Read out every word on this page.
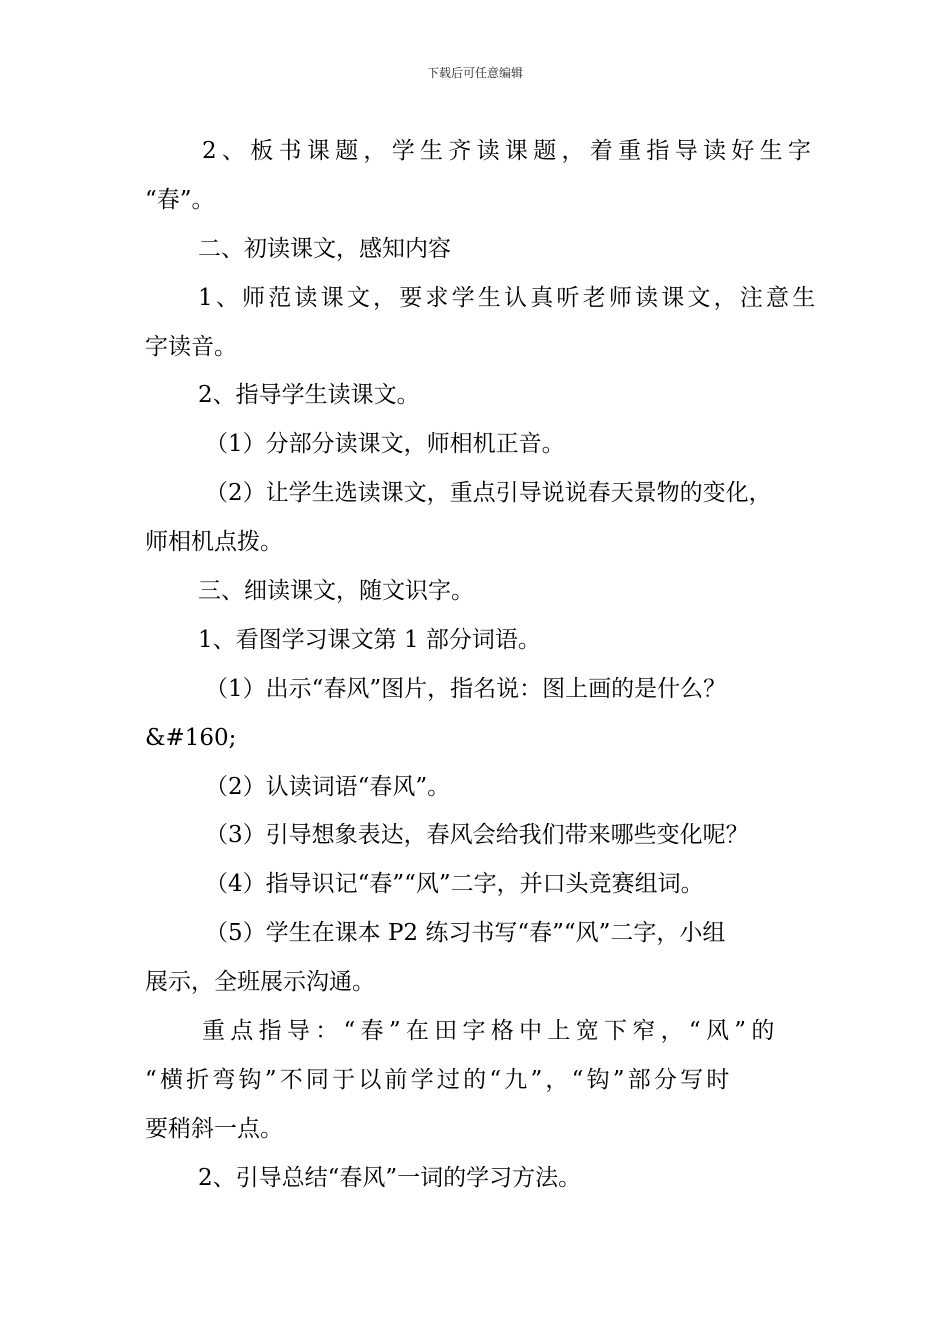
下载后可任意编辑
2、板书课题，学生齐读课题，着重指导读好生字
“春”。
二、初读课文，感知内容
1、师范读课文，要求学生认真听老师读课文，注意生
字读音。
2、指导学生读课文。
（1）分部分读课文，师相机正音。
（2）让学生选读课文，重点引导说说春天景物的变化，
师相机点拨。
三、细读课文，随文识字。
1、看图学习课文第 1 部分词语。
（1）出示“春风”图片，指名说：图上画的是什么？
&#160;
（2）认读词语“春风”。
（3）引导想象表达，春风会给我们带来哪些变化呢？
（4）指导识记“春”“风”二字，并口头竞赛组词。
（5）学生在课本 P2 练习书写“春”“风”二字，小组
展示，全班展示沟通。
重点指导：“春”在田字格中上宽下窄，“风”的
“横折弯钩”不同于以前学过的“九”，“钩”部分写时
要稍斜一点。
2、引导总结“春风”一词的学习方法。
